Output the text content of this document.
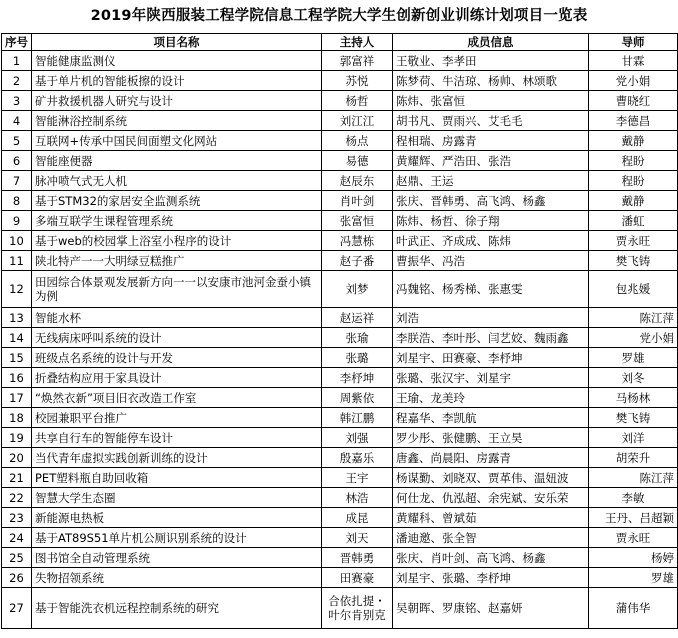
2019年陕西服装工程学院信息工程学院大学生创新创业训练计划项目一览表
序号	项目名称	主持人	成员信息	导师
1	智能健康监测仪	郭富祥	王敬业、李孝田	甘霖
2	基于单片机的智能板擦的设计	苏悦	陈梦荷、牛洁琼、杨帅、林颂歌	党小娟
3	矿井救援机器人研究与设计	杨哲	陈炜、张富恒	曹晓红
4	智能淋浴控制系统	刘江江	胡书凡、贾雨兴、艾毛毛	李德昌
5	互联网+传承中国民间面塑文化网站	杨点	程相瑞、房露青	戴静
6	智能座便器	易德	黄耀辉、严浩田、张浩	程盼
7	脉冲喷气式无人机	赵辰东	赵鼎、王运	程盼
8	基于STM32的家居安全监测系统	肖叶剑	张庆、晋韩勇、高飞鸿、杨鑫	戴静
9	多端互联学生课程管理系统	张富恒	陈炜、杨哲、徐子翔	潘虹
10	基于web的校园掌上浴室小程序的设计	冯慧栋	叶武正、齐成成、陈炜	贾永旺
11	陕北特产一一大明绿豆糕推广	赵子番	曹振华、冯浩	樊飞铸
12	田园综合体景观发展新方向一一以安康市池河金蚕小镇为例	刘梦	冯魏铭、杨秀梯、张惠雯	包兆媛
13	智能水杯	赵运祥	刘浩	陈江萍
14	无线病床呼叫系统的设计	张瑜	李朕浩、李叶彤、闫艺姣、魏雨鑫	党小娟
15	班级点名系统的设计与开发	张璐	刘星宇、田赛豪、李杼坤	罗雄
16	折叠结构应用于家具设计	李杼坤	张璐、张汉宇、刘星宇	刘冬
17	“焕然衣新”项目旧衣改造工作室	周紫依	王瑜、龙美玲	马杨林
18	校园兼职平台推广	韩江鹏	程嘉华、李凯航	樊飞铸
19	共享自行车的智能停车设计	刘强	罗少彤、张健鹏、王立昊	刘洋
20	当代青年虚拟实践创新训练的设计	殷嘉乐	唐鑫、尚晨阳、房露青	胡荣升
21	PET塑料瓶自助回收箱	王宇	杨谋勤、刘晓双、贾革伟、温妞波	陈江萍
22	智慧大学生态圈	林浩	何仕龙、仇泓超、余宪斌、安乐荣	李敏
23	新能源电热板	成昆	黄耀科、曾斌茹	王丹、吕超颖
24	基于AT89S51单片机公厕识别系统的设计	刘天	潘迪邀、张全智	贾永旺
25	图书馆全自动管理系统	晋韩勇	张庆、肖叶剑、高飞鸿、杨鑫	杨婷
26	失物招领系统	田赛豪	刘星宇、张璐、李杼坤	罗雄
27	基于智能洗衣机远程控制系统的研究	合依扎提・叶尔肯别克	吴朝晖、罗康铭、赵嘉妍	蒲伟华
